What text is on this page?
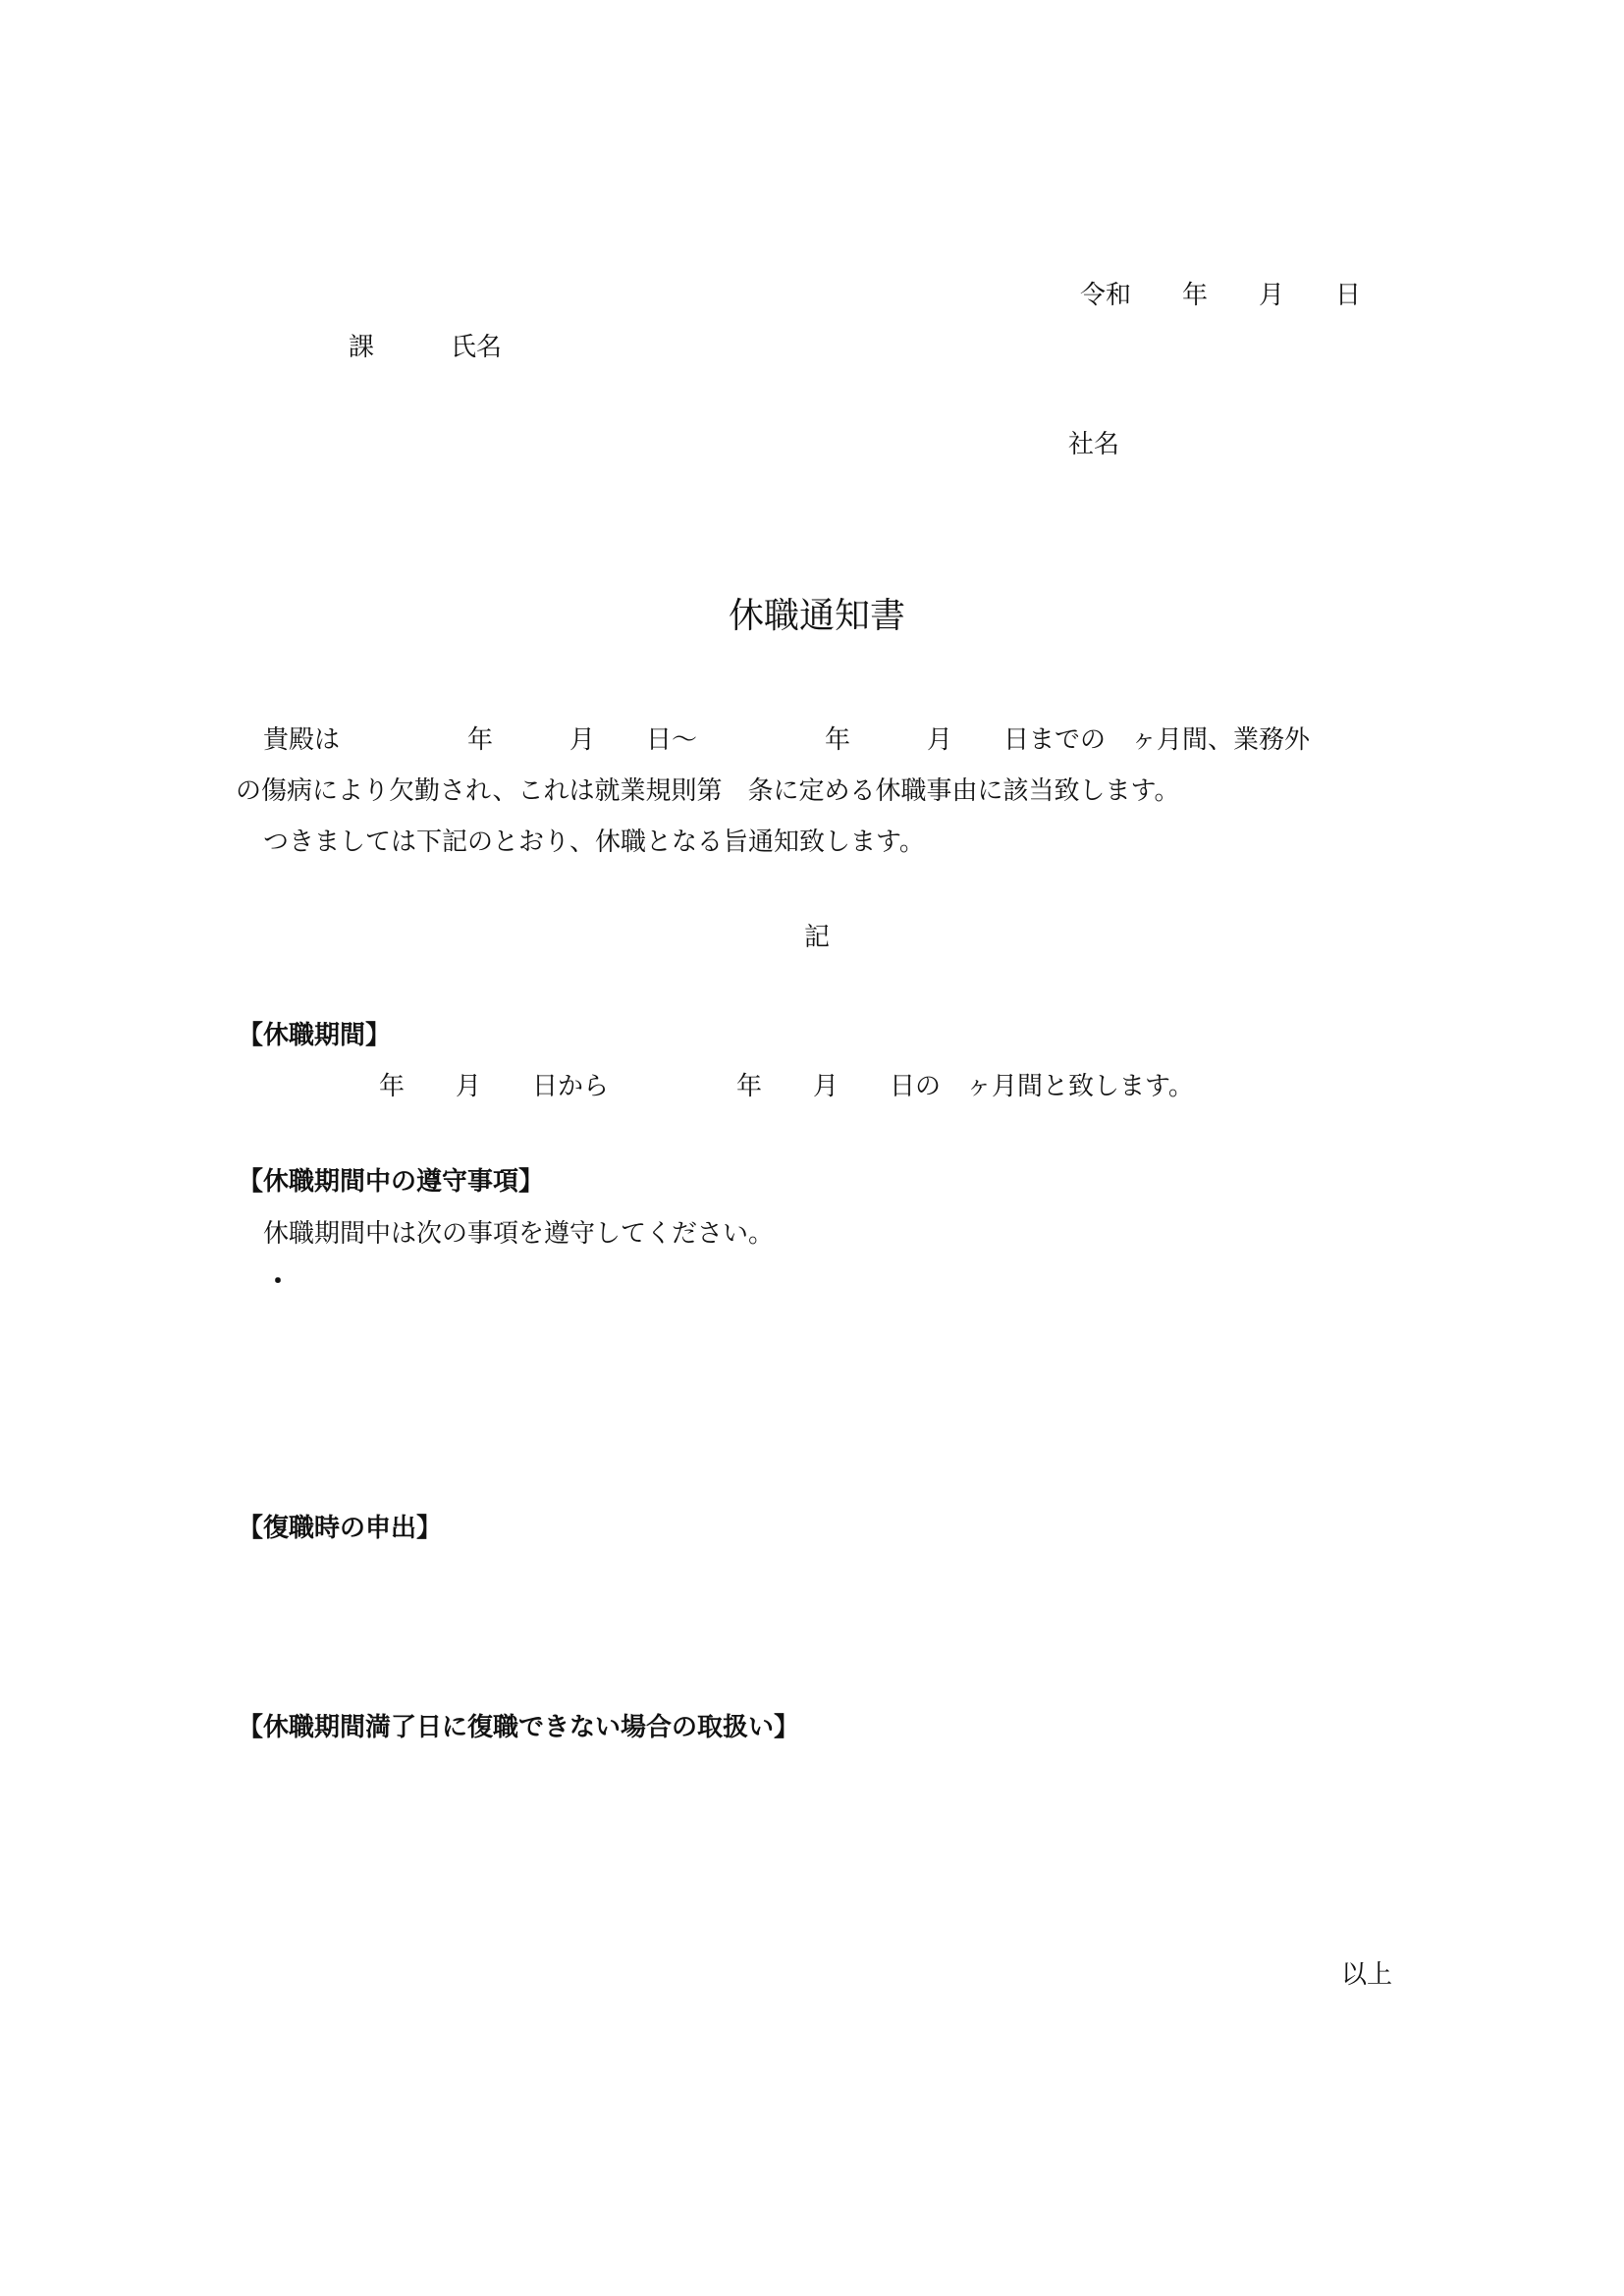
令和　　年　　月　　日
課　　　氏名
社名
休職通知書
貴殿は　　　　　年　　　月　　日～　　　　　年　　　月　　日までの　ヶ月間、業務外
の傷病により欠勤され、これは就業規則第　条に定める休職事由に該当致します。
つきましては下記のとおり、休職となる旨通知致します。
記
【休職期間】
年　　月　　日から　　　　　年　　月　　日の　ヶ月間と致します。
【休職期間中の遵守事項】
休職期間中は次の事項を遵守してください。
・
【復職時の申出】
【休職期間満了日に復職できない場合の取扱い】
以上
